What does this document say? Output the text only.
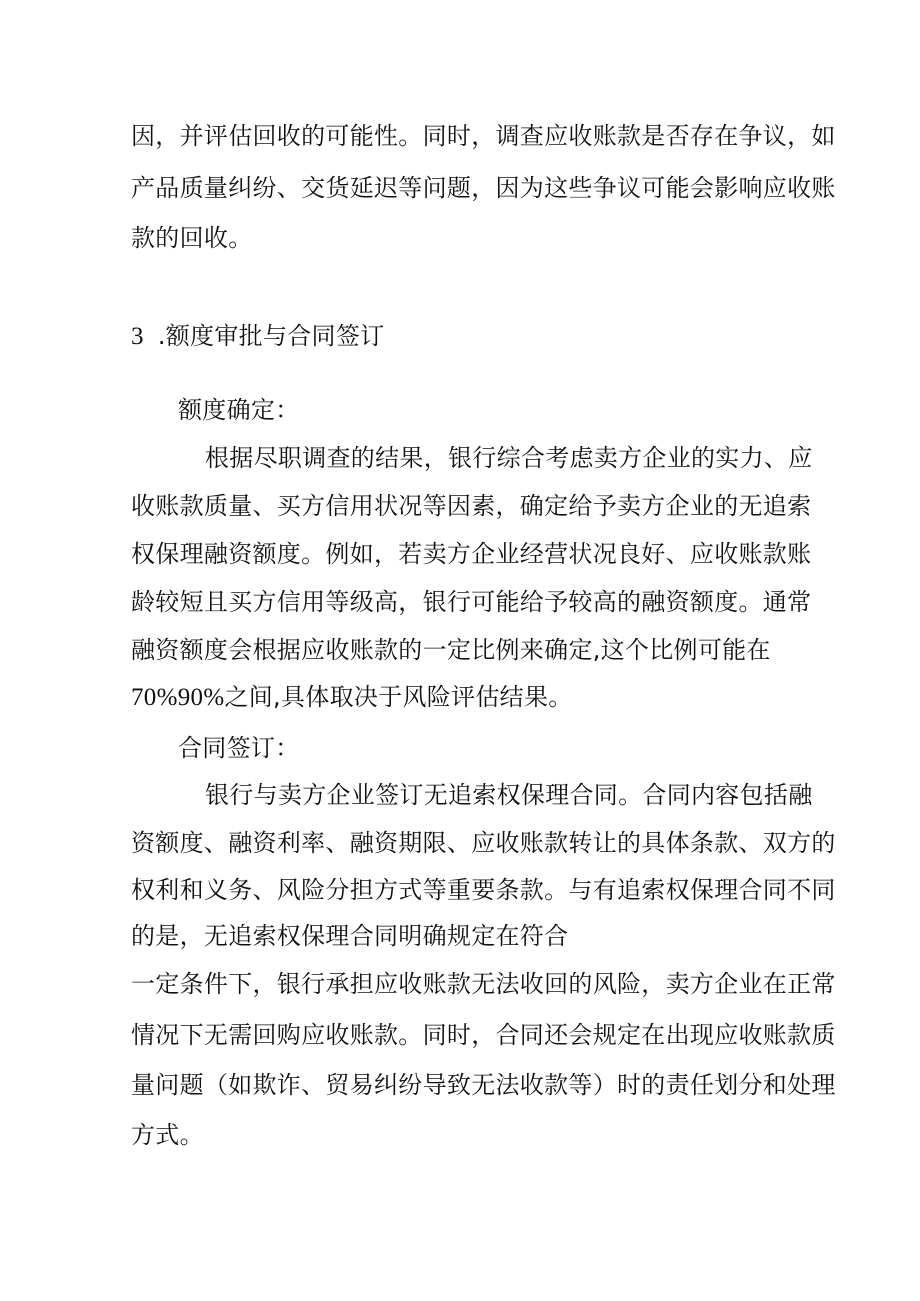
因，并评估回收的可能性。同时，调查应收账款是否存在争议，如
产品质量纠纷、交货延迟等问题，因为这些争议可能会影响应收账
款的回收。
3 .额度审批与合同签订
额度确定：
根据尽职调查的结果，银行综合考虑卖方企业的实力、应
收账款质量、买方信用状况等因素，确定给予卖方企业的无追索
权保理融资额度。例如，若卖方企业经营状况良好、应收账款账
龄较短且买方信用等级高，银行可能给予较高的融资额度。通常
融资额度会根据应收账款的一定比例来确定,这个比例可能在
70%90%之间,具体取决于风险评估结果。
合同签订：
银行与卖方企业签订无追索权保理合同。合同内容包括融
资额度、融资利率、融资期限、应收账款转让的具体条款、双方的
权利和义务、风险分担方式等重要条款。与有追索权保理合同不同
的是，无追索权保理合同明确规定在符合
一定条件下，银行承担应收账款无法收回的风险，卖方企业在正常
情况下无需回购应收账款。同时，合同还会规定在出现应收账款质
量问题（如欺诈、贸易纠纷导致无法收款等）时的责任划分和处理
方式。
